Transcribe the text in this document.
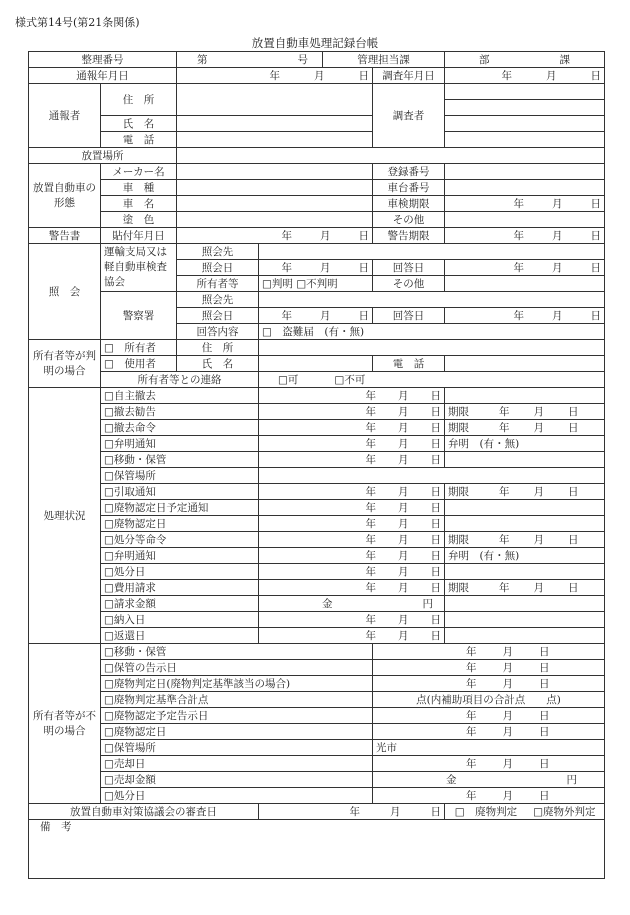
様式第14号(第21条関係)
放置自動車処理記録台帳
整理番号		第 号		管理担当課		部 課
通報年月日		年 月 日			調査年月日	年 月 日
通報者	住　所				調査者	

	氏　名					
	電　話					
放置場所						
放置自動車の形態	メーカー名				登録番号	
	車　種				車台番号	
	車　名				車検期限	年 月 日
	塗　色				その他	
警告書	貼付年月日	年 月 日			警告期限	年 月 日
照　会	運輸支局又は軽自動車検査協会	照会先				
		照会日	年 月 日		回答日	年 月 日
		所有者等	□判明 □不判明		その他	
	警察署	照会先				
		照会日	年 月 日		回答日	年 月 日
		回答内容	□　盗難届　(有・無)			
所有者等が判明の場合	□　所有者	住　所				
	□　使用者	氏　名			電　話	
	所有者等との連絡		□可 □不可			
処理状況	□自主撤去		年 月 日			
	□撤去勧告		年 月 日			期限 年 月 日
	□撤去命令		年 月 日			期限 年 月 日
	□弁明通知		年 月 日			弁明　(有・無)
	□移動・保管		年 月 日			
	□保管場所					
	□引取通知		年 月 日			期限 年 月 日
	□廃物認定日予定通知		年 月 日			
	□廃物認定日		年 月 日			
	□処分等命令		年 月 日			期限 年 月 日
	□弁明通知		年 月 日			弁明　(有・無)
	□処分日		年 月 日			
	□費用請求		年 月 日			期限 年 月 日
	□請求金額		金 円			
	□納入日		年 月 日			
	□返還日		年 月 日			
所有者等が不明の場合	□移動・保管				年 月 日	
	□保管の告示日				年 月 日	
	□廃物判定日(廃物判定基準該当の場合)				年 月 日	
	□廃物判定基準合計点				点(内補助項目の合計点　　点)	
	□廃物認定予定告示日				年 月 日	
	□廃物認定日				年 月 日	
	□保管場所				光市	
	□売却日				年 月 日	
	□売却金額				金 円	
	□処分日				年 月 日	
放置自動車対策協議会の審査日			年 月 日			□　廃物判定 □廃物外判定
備　考						
